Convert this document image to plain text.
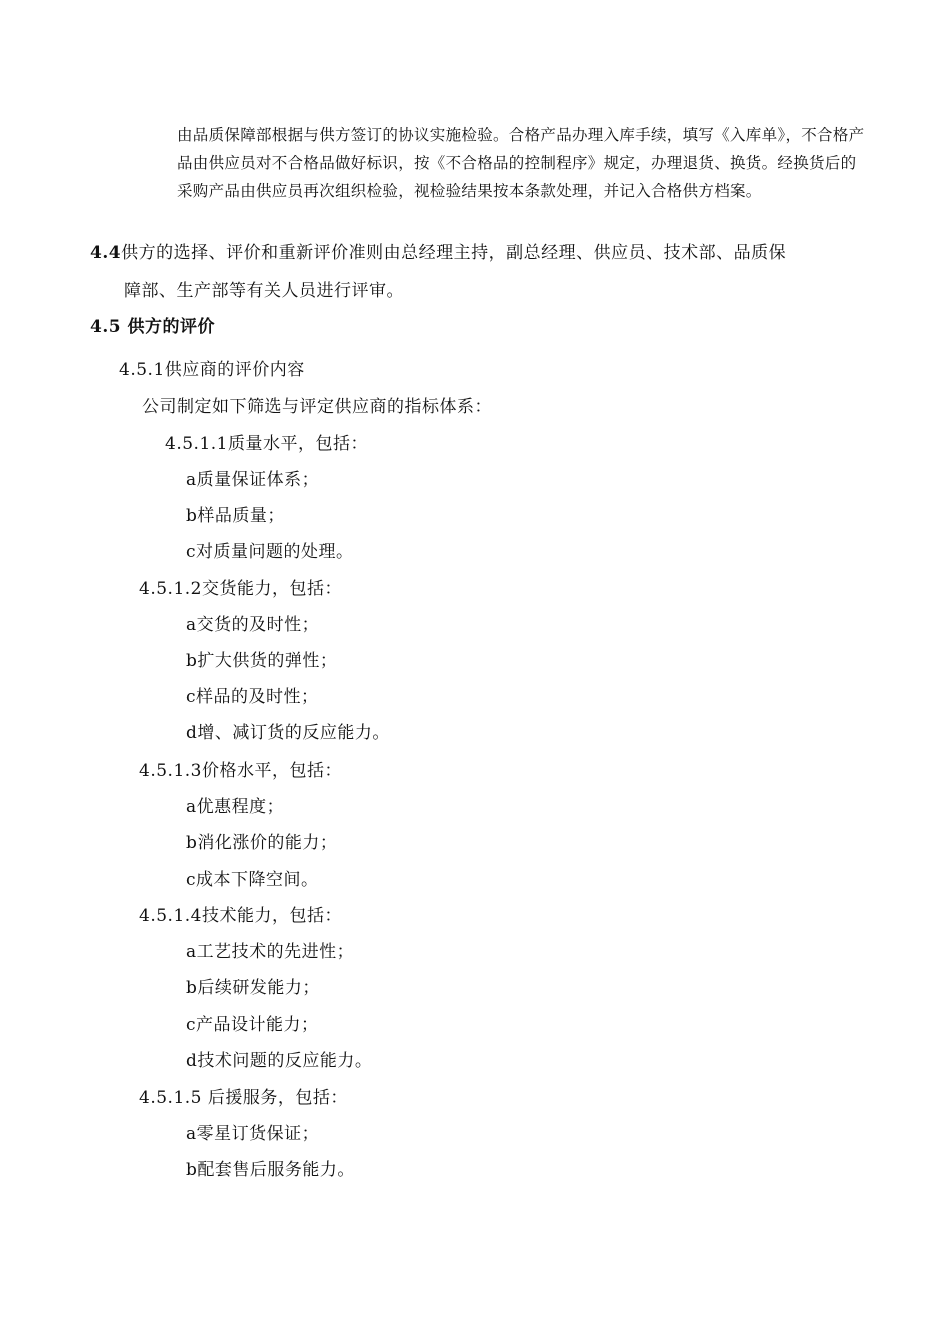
由品质保障部根据与供方签订的协议实施检验。合格产品办理入库手续，填写《入库单》，不合格产品由供应员对不合格品做好标识，按《不合格品的控制程序》规定，办理退货、换货。经换货后的采购产品由供应员再次组织检验，视检验结果按本条款处理，并记入合格供方档案。
4.4供方的选择、评价和重新评价准则由总经理主持，副总经理、供应员、技术部、品质保
障部、生产部等有关人员进行评审。
4.5 供方的评价
4.5.1供应商的评价内容
公司制定如下筛选与评定供应商的指标体系：
4.5.1.1质量水平，包括：
a质量保证体系；
b样品质量；
c对质量问题的处理。
4.5.1.2交货能力，包括：
a交货的及时性；
b扩大供货的弹性；
c样品的及时性；
d增、减订货的反应能力。
4.5.1.3价格水平，包括：
a优惠程度；
b消化涨价的能力；
c成本下降空间。
4.5.1.4技术能力，包括：
a工艺技术的先进性；
b后续研发能力；
c产品设计能力；
d技术问题的反应能力。
4.5.1.5 后援服务，包括：
a零星订货保证；
b配套售后服务能力。
